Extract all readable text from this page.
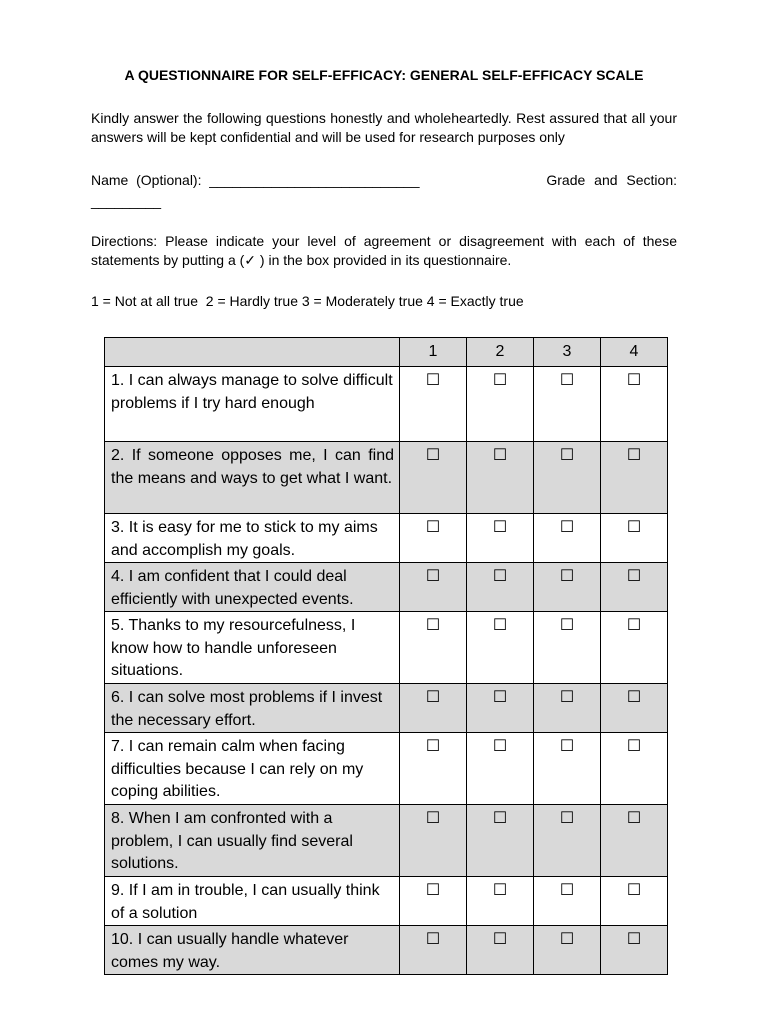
A QUESTIONNAIRE FOR SELF-EFFICACY: GENERAL SELF-EFFICACY SCALE
Kindly answer the following questions honestly and wholeheartedly. Rest assured that all your answers will be kept confidential and will be used for research purposes only
Name  (Optional):  ___________________________	Grade and Section:
_________
Directions: Please indicate your level of agreement or disagreement with each of these statements by putting a (✓ ) in the box provided in its questionnaire.
1 = Not at all true  2 = Hardly true 3 = Moderately true 4 = Exactly true
	1	2	3	4
1. I can always manage to solve difficult problems if I try hard enough	☐	☐	☐	☐
2. If someone opposes me, I can find the means and ways to get what I want.	☐	☐	☐	☐
3. It is easy for me to stick to my aims and accomplish my goals.	☐	☐	☐	☐
4. I am confident that I could deal efficiently with unexpected events.	☐	☐	☐	☐
5. Thanks to my resourcefulness, I know how to handle unforeseen situations.	☐	☐	☐	☐
6. I can solve most problems if I invest the necessary effort.	☐	☐	☐	☐
7. I can remain calm when facing difficulties because I can rely on my coping abilities.	☐	☐	☐	☐
8. When I am confronted with a problem, I can usually find several solutions.	☐	☐	☐	☐
9. If I am in trouble, I can usually think of a solution	☐	☐	☐	☐
10. I can usually handle whatever comes my way.	☐	☐	☐	☐
